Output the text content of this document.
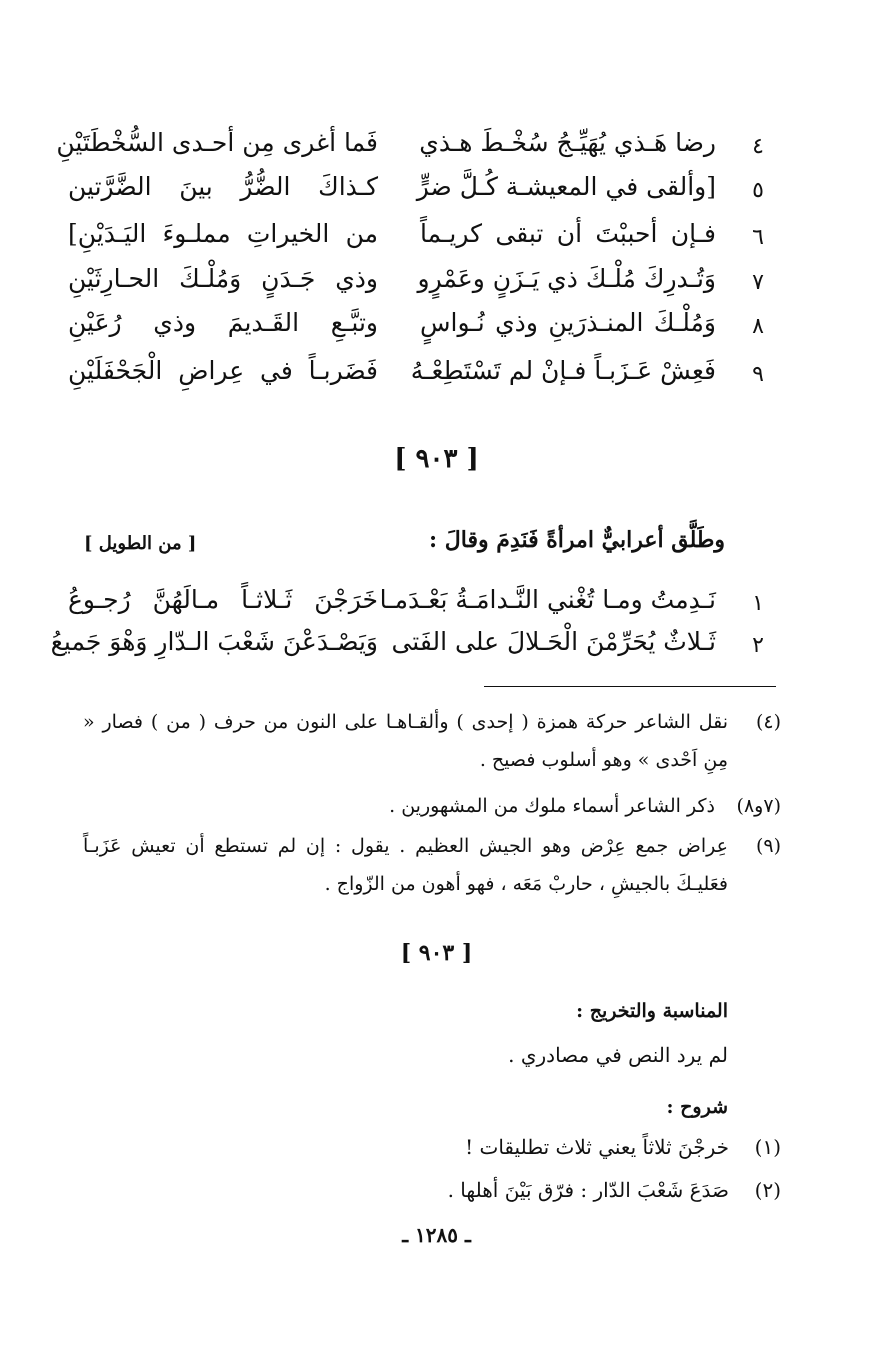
٤
رضا هَـذي يُهَيِّـجُ سُخْـطَ هـذي
فَما أغرى مِن أحـدى السُّخْطَتَيْنِ
٥
[وألقى في المعيشـة كُـلَّ ضرٍّ
كـذاكَ الضُّرُّ بينَ الضَّرَّتين
٦
فـإن أحببْتَ أن تبقى كريـماً
من الخيراتِ مملـوءَ اليَـدَيْنِ]
٧
وَتُـدرِكَ مُلْـكَ ذي يَـزَنٍ وعَمْرٍو
وذي جَـدَنٍ وَمُلْـكَ الحـارِثَيْنِ
٨
وَمُلْـكَ المنـذرَينِ وذي نُـواسٍ
وتبَّـعِ القَـديمَ وذي رُعَيْنِ
٩
فَعِشْ عَـزَبـاً فـإنْ لم تَسْتَطِعْـهُ
فَضَربـاً في عِراضِ الْجَحْفَلَيْنِ
[ ٩٠٣ ]
وطَلَّق أعرابيٌّ امرأةً فَنَدِمَ وقالَ :
[ من الطويل ]
١
نَـدِمتُ ومـا تُغْني النَّـدامَـةُ بَعْـدَمـا
خَرَجْنَ ثَـلاثـاً مـالَهُنَّ رُجـوعُ
٢
ثَـلاثٌ يُحَرِّمْنَ الْحَـلالَ على الفَتى
وَيَصْـدَعْنَ شَعْبَ الـدّارِ وَهْوَ جَميعُ
(٤)
نقل الشاعر حركة همزة ( إحدى ) وألقـاهـا على النون من حرف ( من ) فصار « مِنِ اَحْدى » وهو أسلوب فصيح .
(٧و٨)
ذكر الشاعر أسماء ملوك من المشهورين .
(٩)
عِراض جمع عِرْض وهو الجيش العظيم . يقول : إن لم تستطع أن تعيش عَزَبـاً فعَليـكَ بالجيشِ ، حاربْ مَعَه ، فهو أهون من الزّواج .
[ ٩٠٣ ]
المناسبة والتخريج :
لم يرد النص في مصادري .
شروح :
(١)
خرجْنَ ثلاثاً يعني ثلاث تطليقات !
(٢)
صَدَعَ شَعْبَ الدّار : فرّق بَيْنَ أهلها .
ـ ١٢٨٥ ـ
